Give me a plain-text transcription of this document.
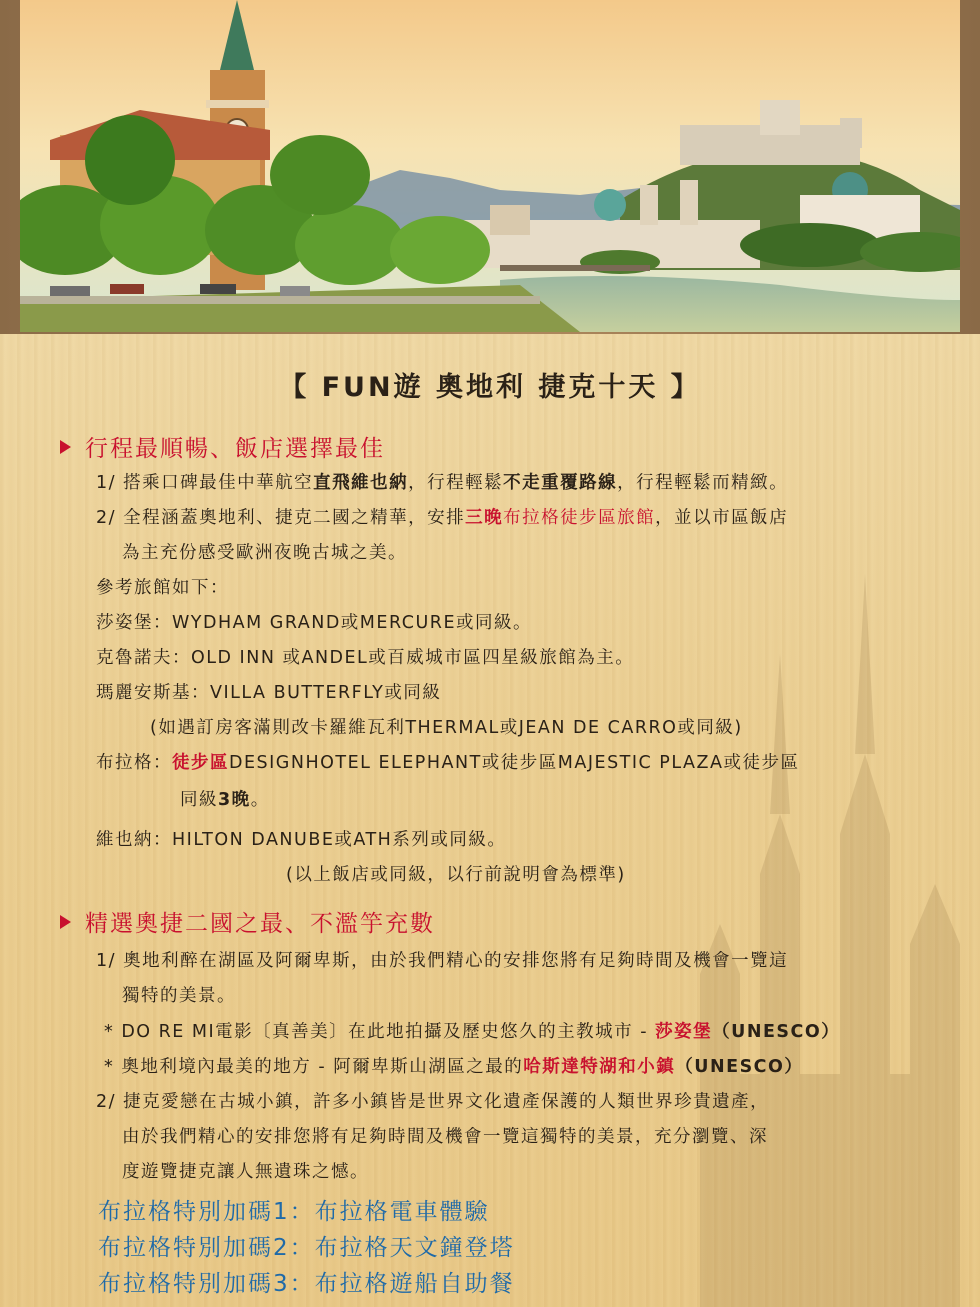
【 FUN遊 奧地利 捷克十天 】
行程最順暢、飯店選擇最佳
1/ 搭乘口碑最佳中華航空直飛維也納，行程輕鬆不走重覆路線，行程輕鬆而精緻。
2/ 全程涵蓋奧地利、捷克二國之精華，安排三晚布拉格徒步區旅館，並以市區飯店
為主充份感受歐洲夜晚古城之美。
參考旅館如下：
莎姿堡：WYDHAM GRAND或MERCURE或同級。
克魯諾夫：OLD INN 或ANDEL或百威城市區四星級旅館為主。
瑪麗安斯基：VILLA BUTTERFLY或同級
(如遇訂房客滿則改卡羅維瓦利THERMAL或JEAN DE CARRO或同級)
布拉格：徒步區DESIGNHOTEL ELEPHANT或徒步區MAJESTIC PLAZA或徒步區
同級3晚。
維也納：HILTON DANUBE或ATH系列或同級。
(以上飯店或同級，以行前說明會為標準)
精選奧捷二國之最、不濫竽充數
1/ 奧地利醉在湖區及阿爾卑斯，由於我們精心的安排您將有足夠時間及機會一覽這
獨特的美景。
* DO RE MI電影〔真善美〕在此地拍攝及歷史悠久的主教城市 - 莎姿堡（UNESCO）
* 奧地利境內最美的地方 - 阿爾卑斯山湖區之最的哈斯達特湖和小鎮（UNESCO）
2/ 捷克愛戀在古城小鎮，許多小鎮皆是世界文化遺產保護的人類世界珍貴遺產，
由於我們精心的安排您將有足夠時間及機會一覽這獨特的美景，充分瀏覽、深
度遊覽捷克讓人無遺珠之憾。
布拉格特別加碼1：布拉格電車體驗
布拉格特別加碼2：布拉格天文鐘登塔
布拉格特別加碼3：布拉格遊船自助餐
